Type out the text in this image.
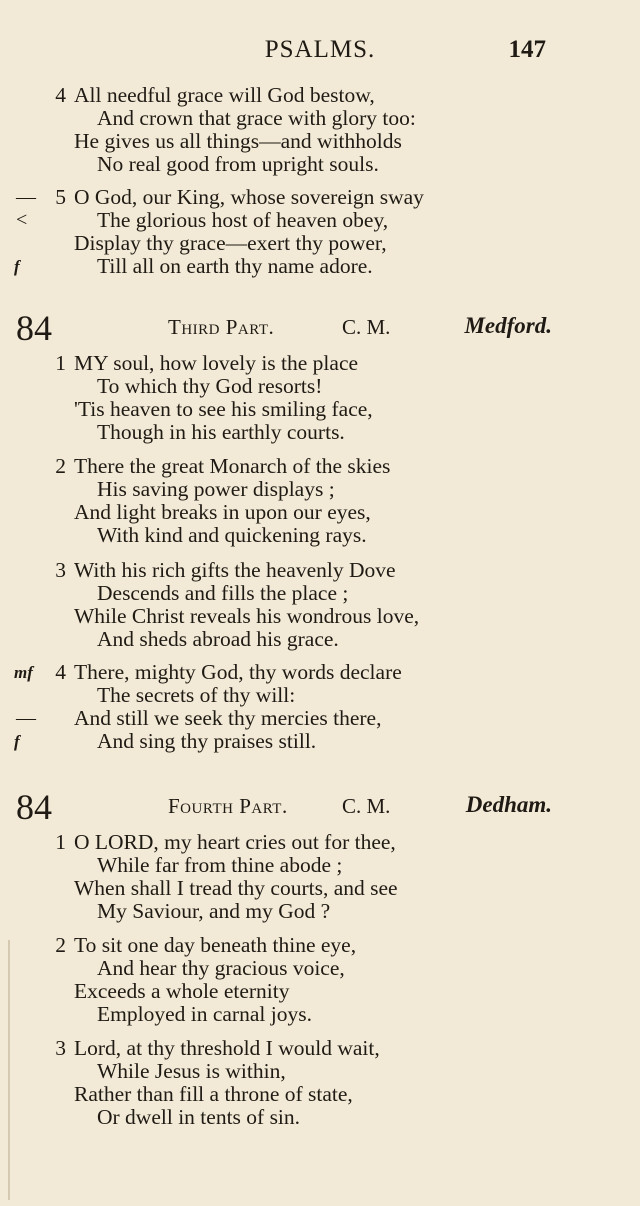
PSALMS.	147
4 All needful grace will God bestow,
And crown that grace with glory too:
He gives us all things—and withholds
No real good from upright souls.
— 5 O God, our King, whose sovereign sway
<	The glorious host of heaven obey,
Display thy grace—exert thy power,
f	Till all on earth thy name adore.
84	Third Part.	C. M.	Medford.
1 MY soul, how lovely is the place
To which thy God resorts!
'Tis heaven to see his smiling face,
Though in his earthly courts.
2 There the great Monarch of the skies
His saving power displays ;
And light breaks in upon our eyes,
With kind and quickening rays.
3 With his rich gifts the heavenly Dove
Descends and fills the place ;
While Christ reveals his wondrous love,
And sheds abroad his grace.
mf	4 There, mighty God, thy words declare
The secrets of thy will:
— And still we seek thy mercies there,
f	And sing thy praises still.
84	Fourth Part.	C. M.	Dedham.
1 O LORD, my heart cries out for thee,
While far from thine abode ;
When shall I tread thy courts, and see
My Saviour, and my God ?
2 To sit one day beneath thine eye,
And hear thy gracious voice,
Exceeds a whole eternity
Employed in carnal joys.
3 Lord, at thy threshold I would wait,
While Jesus is within,
Rather than fill a throne of state,
Or dwell in tents of sin.
